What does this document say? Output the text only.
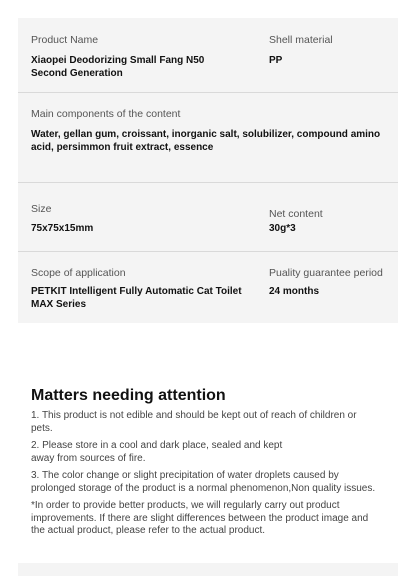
Product Name
Xiaopei Deodorizing Small Fang N50
Second Generation
Shell material
PP
Main components of the content
Water, gellan gum, croissant, inorganic salt, solubilizer, compound amino acid, persimmon fruit extract, essence
Size
75x75x15mm
Net content
30g*3
Scope of application
PETKIT Intelligent Fully Automatic Cat Toilet
MAX Series
Puality guarantee period
24 months
Matters needing attention
1. This product is not edible and should be kept out of reach of children or pets.
2. Please store in a cool and dark place, sealed and kept
away from sources of fire.
3. The color change or slight precipitation of water droplets caused by prolonged storage of the product is a normal phenomenon,Non quality issues.
*In order to provide better products, we will regularly carry out product improvements. If there are slight differences between the product image and the actual product, please refer to the actual product.
